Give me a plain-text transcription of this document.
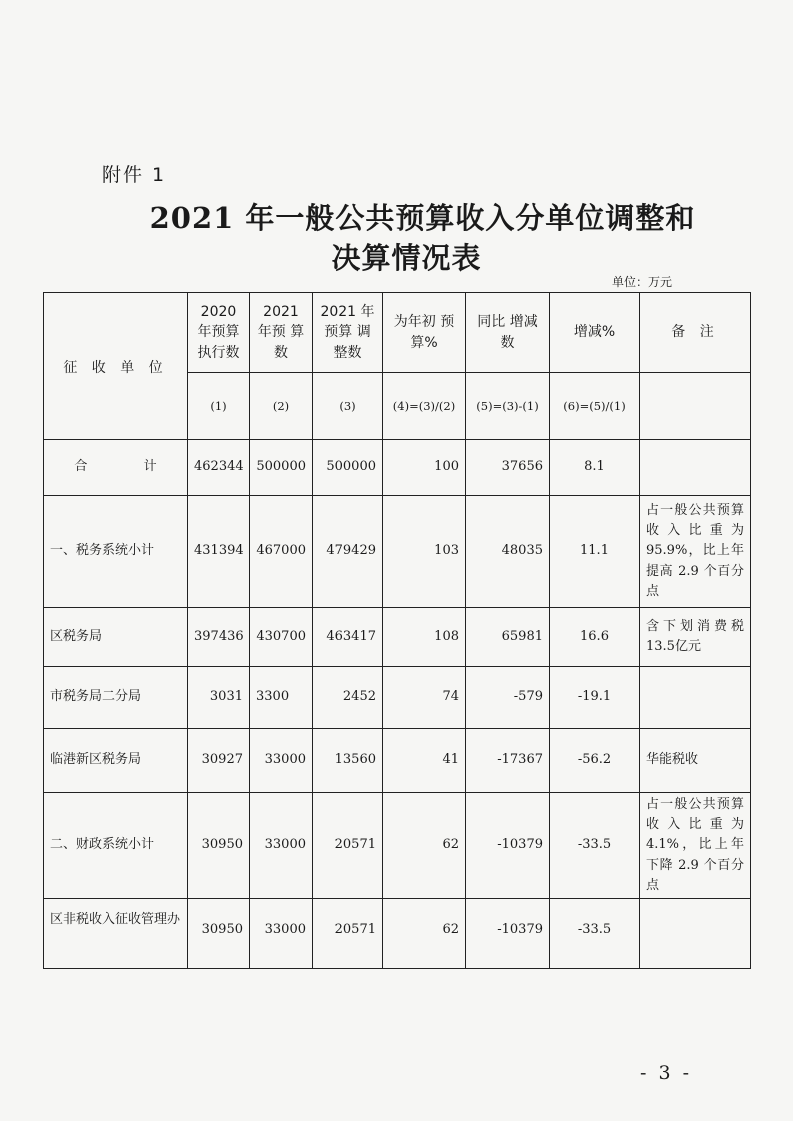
附件 1
2021 年一般公共预算收入分单位调整和
决算情况表
单位：万元
征 收 单 位	2020 年预算 执行数	2021 年预 算数	2021 年预算 调整数	为年初 预算%	同比 增减数	增减%	备 注
	(1)	(2)	(3)	(4)=(3)/(2)	(5)=(3)-(1)	(6)=(5)/(1)	
合 计	462344	500000	500000	100	37656	8.1	
一、税务系统小计	431394	467000	479429	103	48035	11.1	占一般公共预算收入比重为95.9%，比上年提高 2.9 个百分点
区税务局	397436	430700	463417	108	65981	16.6	含下划消费税13.5亿元
市税务局二分局	3031	3300	2452	74	-579	-19.1	
临港新区税务局	30927	33000	13560	41	-17367	-56.2	华能税收
二、财政系统小计	30950	33000	20571	62	-10379	-33.5	占一般公共预算收入比重为4.1%，比上年下降 2.9 个百分点
区非税收入征收管理办	30950	33000	20571	62	-10379	-33.5	
- 3 -
